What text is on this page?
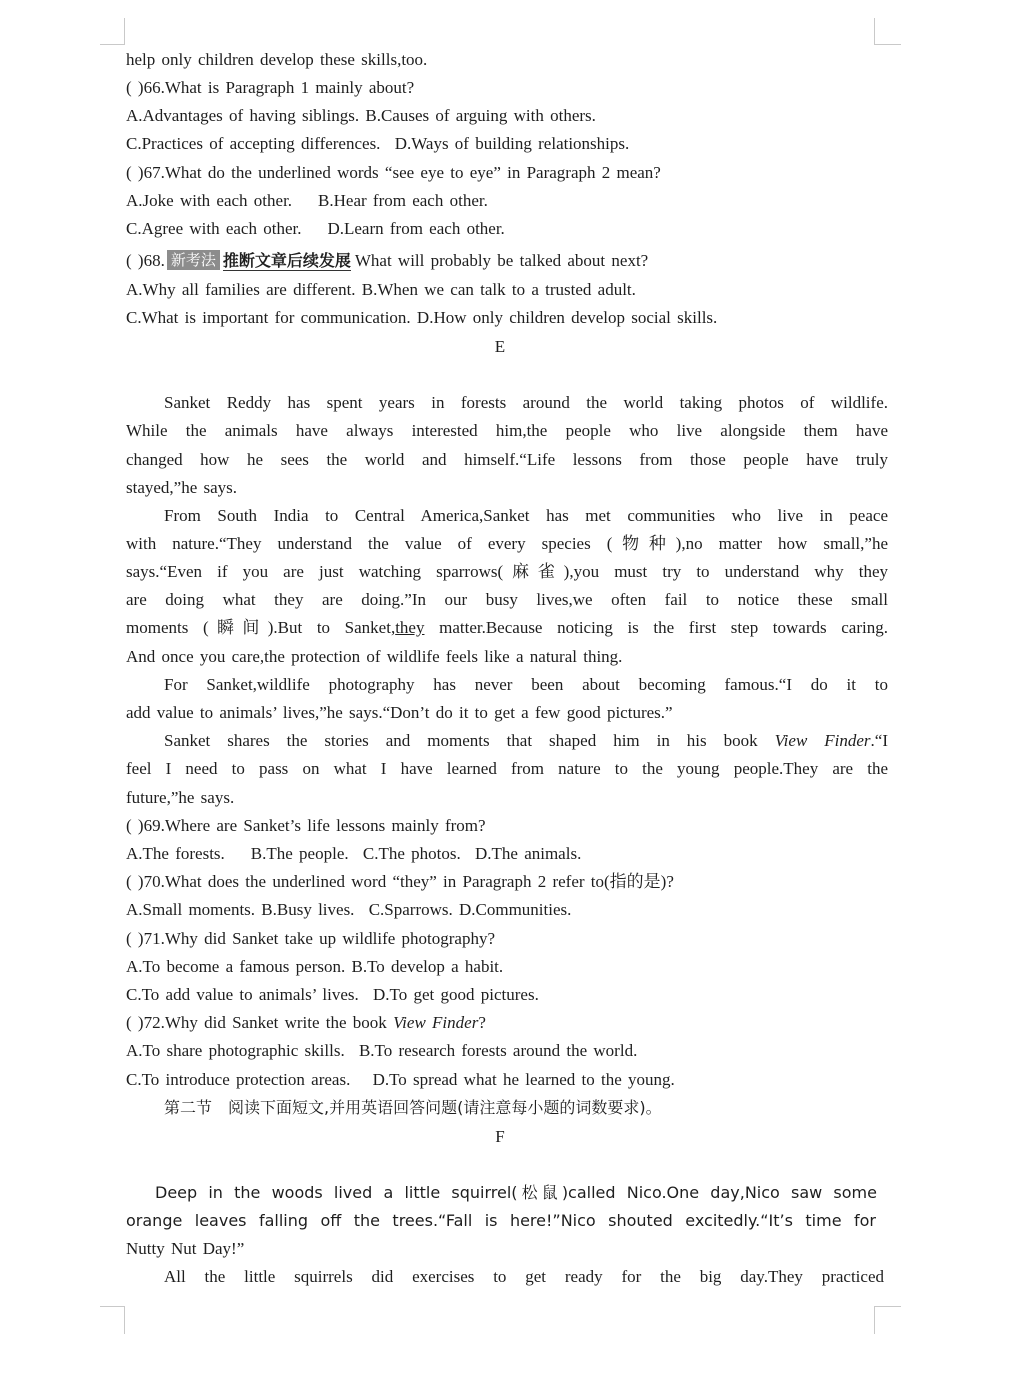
help only children develop these skills,too.
( )66.What is Paragraph 1 mainly about?
A.Advantages of having siblings. B.Causes of arguing with others.
C.Practices of accepting differences. D.Ways of building relationships.
( )67.What do the underlined words “see eye to eye” in Paragraph 2 mean?
A.Joke with each other. B.Hear from each other.
C.Agree with each other. D.Learn from each other.
( )68. 新考法 推断文章后续发展 What will probably be talked about next?
A.Why all families are different. B.When we can talk to a trusted adult.
C.What is important for communication. D.How only children develop social skills.
E
Sanket Reddy has spent years in forests around the world taking photos of wildlife.
While the animals have always interested him,the people who live alongside them have
changed how he sees the world and himself.“Life lessons from those people have truly
stayed,”he says.
From South India to Central America,Sanket has met communities who live in peace
with nature.“They understand the value of every species (物种),no matter how small,”he
says.“Even if you are just watching sparrows(麻雀),you must try to understand why they
are doing what they are doing.”In our busy lives,we often fail to notice these small
moments (瞬间).But to Sanket,they matter.Because noticing is the first step towards caring.
And once you care,the protection of wildlife feels like a natural thing.
For Sanket,wildlife photography has never been about becoming famous.“I do it to
add value to animals’ lives,”he says.“Don’t do it to get a few good pictures.”
Sanket shares the stories and moments that shaped him in his book View Finder.“I
feel I need to pass on what I have learned from nature to the young people.They are the
future,”he says.
( )69.Where are Sanket’s life lessons mainly from?
A.The forests. B.The people. C.The photos. D.The animals.
( )70.What does the underlined word “they” in Paragraph 2 refer to(指的是)?
A.Small moments. B.Busy lives. C.Sparrows. D.Communities.
( )71.Why did Sanket take up wildlife photography?
A.To become a famous person. B.To develop a habit.
C.To add value to animals’ lives. D.To get good pictures.
( )72.Why did Sanket write the book View Finder?
A.To share photographic skills. B.To research forests around the world.
C.To introduce protection areas. D.To spread what he learned to the young.
第二节　阅读下面短文,并用英语回答问题(请注意每小题的词数要求)。
F
Deep in the woods lived a little squirrel(松鼠)called Nico.One day,Nico saw some
orange leaves falling off the trees.“Fall is here!”Nico shouted excitedly.“It’s time for
Nutty Nut Day!”
All the little squirrels did exercises to get ready for the big day.They practiced
